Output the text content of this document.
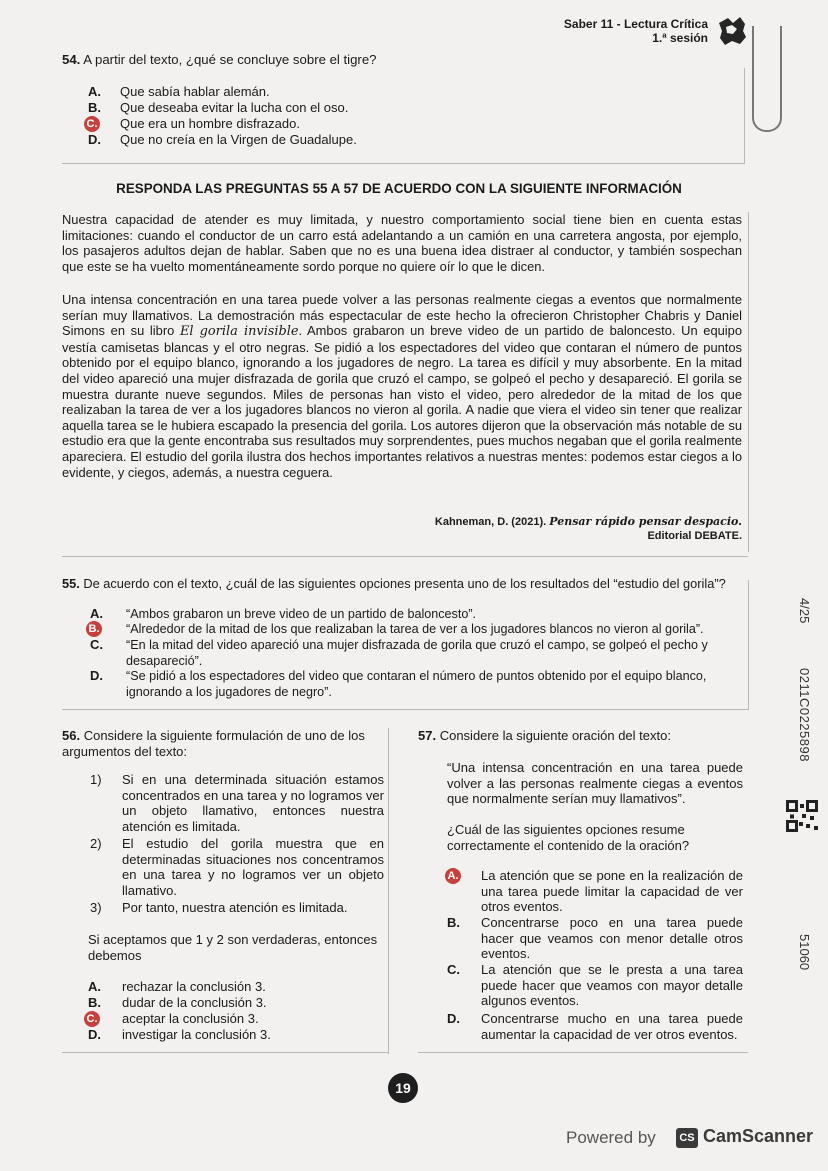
Saber 11 - Lectura Crítica
1.ª sesión
54. A partir del texto, ¿qué se concluye sobre el tigre?
A.	Que sabía hablar alemán.
B.	Que deseaba evitar la lucha con el oso.
C. Que era un hombre disfrazado.
D.	Que no creía en la Virgen de Guadalupe.
RESPONDA LAS PREGUNTAS 55 A 57 DE ACUERDO CON LA SIGUIENTE INFORMACIÓN

Nuestra capacidad de atender es muy limitada, y nuestro comportamiento social tiene bien en cuenta estas limitaciones: cuando el conductor de un carro está adelantando a un camión en una carretera angosta, por ejemplo, los pasajeros adultos dejan de hablar. Saben que no es una buena idea distraer al conductor, y también sospechan que este se ha vuelto momentáneamente sordo porque no quiere oír lo que le dicen.

Una intensa concentración en una tarea puede volver a las personas realmente ciegas a eventos que normalmente serían muy llamativos. La demostración más espectacular de este hecho la ofrecieron Christopher Chabris y Daniel Simons en su libro El gorila invisible. Ambos grabaron un breve video de un partido de baloncesto. Un equipo vestía camisetas blancas y el otro negras. Se pidió a los espectadores del video que contaran el número de puntos obtenido por el equipo blanco, ignorando a los jugadores de negro. La tarea es difícil y muy absorbente. En la mitad del video apareció una mujer disfrazada de gorila que cruzó el campo, se golpeó el pecho y desapareció. El gorila se muestra durante nueve segundos. Miles de personas han visto el video, pero alrededor de la mitad de los que realizaban la tarea de ver a los jugadores blancos no vieron al gorila. A nadie que viera el video sin tener que realizar aquella tarea se le hubiera escapado la presencia del gorila. Los autores dijeron que la observación más notable de su estudio era que la gente encontraba sus resultados muy sorprendentes, pues muchos negaban que el gorila realmente apareciera. El estudio del gorila ilustra dos hechos importantes relativos a nuestras mentes: podemos estar ciegos a lo evidente, y ciegos, además, a nuestra ceguera.

Kahneman, D. (2021). Pensar rápido pensar despacio.
Editorial DEBATE.
55. De acuerdo con el texto, ¿cuál de las siguientes opciones presenta uno de los resultados del “estudio del gorila”?
A.	“Ambos grabaron un breve video de un partido de baloncesto”.
B. “Alrededor de la mitad de los que realizaban la tarea de ver a los jugadores blancos no vieron al gorila”.
C.	“En la mitad del video apareció una mujer disfrazada de gorila que cruzó el campo, se golpeó el pecho y desapareció”.
D.	“Se pidió a los espectadores del video que contaran el número de puntos obtenido por el equipo blanco, ignorando a los jugadores de negro”.
56. Considere la siguiente formulación de uno de los argumentos del texto:
1) Si en una determinada situación estamos concentrados en una tarea y no logramos ver un objeto llamativo, entonces nuestra atención es limitada.
2) El estudio del gorila muestra que en determinadas situaciones nos concentramos en una tarea y no logramos ver un objeto llamativo.
3) Por tanto, nuestra atención es limitada.
Si aceptamos que 1 y 2 son verdaderas, entonces debemos
A.	rechazar la conclusión 3.
B.	dudar de la conclusión 3.
C. aceptar la conclusión 3.
D.	investigar la conclusión 3.
57. Considere la siguiente oración del texto:
“Una intensa concentración en una tarea puede volver a las personas realmente ciegas a eventos que normalmente serían muy llamativos”.
¿Cuál de las siguientes opciones resume correctamente el contenido de la oración?
A. La atención que se pone en la realización de una tarea puede limitar la capacidad de ver otros eventos.
B. Concentrarse poco en una tarea puede hacer que veamos con menor detalle otros eventos.
C. La atención que se le presta a una tarea puede hacer que veamos con mayor detalle algunos eventos.
D. Concentrarse mucho en una tarea puede aumentar la capacidad de ver otros eventos.
4/25
0211C0225898
51060
19
Powered by	CS CamScanner
